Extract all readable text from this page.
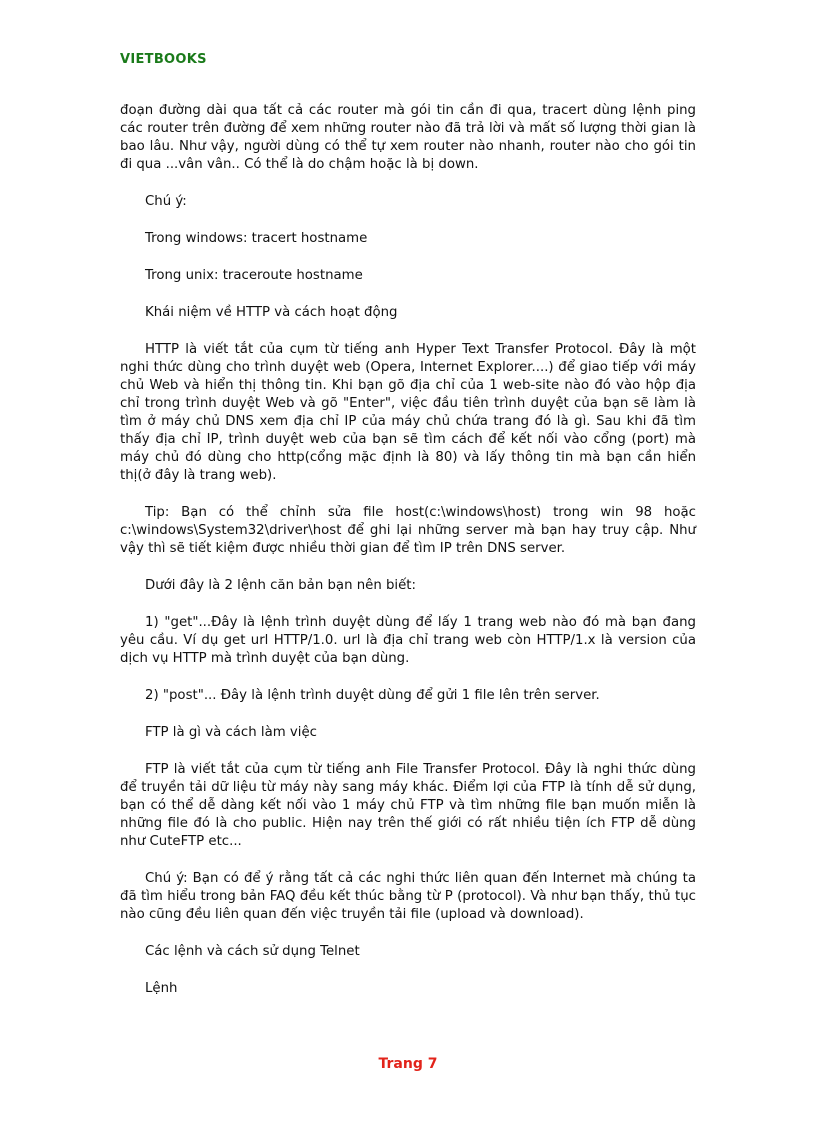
VIETBOOKS

đoạn đường dài qua tất cả các router mà gói tin cần đi qua, tracert dùng lệnh ping các router trên đường để xem những router nào đã trả lời và mất số lượng thời gian là bao lâu. Như vậy, người dùng có thể tự xem router nào nhanh, router nào cho gói tin đi qua ...vân vân.. Có thể là do chậm hoặc là bị down.

Chú ý:

Trong windows: tracert hostname

Trong unix: traceroute hostname

Khái niệm về HTTP và cách hoạt động

HTTP là viết tắt của cụm từ tiếng anh Hyper Text Transfer Protocol. Đây là một nghi thức dùng cho trình duyệt web (Opera, Internet Explorer....) để giao tiếp với máy chủ Web và hiển thị thông tin. Khi bạn gõ địa chỉ của 1 web-site nào đó vào hộp địa chỉ trong trình duyệt Web và gõ "Enter", việc đầu tiên trình duyệt của bạn sẽ làm là tìm ở máy chủ DNS xem địa chỉ IP của máy chủ chứa trang đó là gì. Sau khi đã tìm thấy địa chỉ IP, trình duyệt web của bạn sẽ tìm cách để kết nối vào cổng (port) mà máy chủ đó dùng cho http(cổng mặc định là 80) và lấy thông tin mà bạn cần hiển thị(ở đây là trang web).

Tip: Bạn có thể chỉnh sửa file host(c:\windows\host) trong win 98 hoặc c:\windows\System32\driver\host để ghi lại những server mà bạn hay truy cập. Như vậy thì sẽ tiết kiệm được nhiều thời gian để tìm IP trên DNS server.

Dưới đây là 2 lệnh căn bản bạn nên biết:

1) "get"...Đây là lệnh trình duyệt dùng để lấy 1 trang web nào đó mà bạn đang yêu cầu. Ví dụ get url HTTP/1.0. url là địa chỉ trang web còn HTTP/1.x là version của dịch vụ HTTP mà trình duyệt của bạn dùng.

2) "post"... Đây là lệnh trình duyệt dùng để gửi 1 file lên trên server.

FTP là gì và cách làm việc

FTP là viết tắt của cụm từ tiếng anh File Transfer Protocol. Đây là nghi thức dùng để truyền tải dữ liệu từ máy này sang máy khác. Điểm lợi của FTP là tính dễ sử dụng, bạn có thể dễ dàng kết nối vào 1 máy chủ FTP và tìm những file bạn muốn miễn là những file đó là cho public. Hiện nay trên thế giới có rất nhiều tiện ích FTP dễ dùng như CuteFTP etc...

Chú ý: Bạn có để ý rằng tất cả các nghi thức liên quan đến Internet mà chúng ta đã tìm hiểu trong bản FAQ đều kết thúc bằng từ P (protocol). Và như bạn thấy, thủ tục nào cũng đều liên quan đến việc truyền tải file (upload và download).

Các lệnh và cách sử dụng Telnet

Lệnh

Trang 7
